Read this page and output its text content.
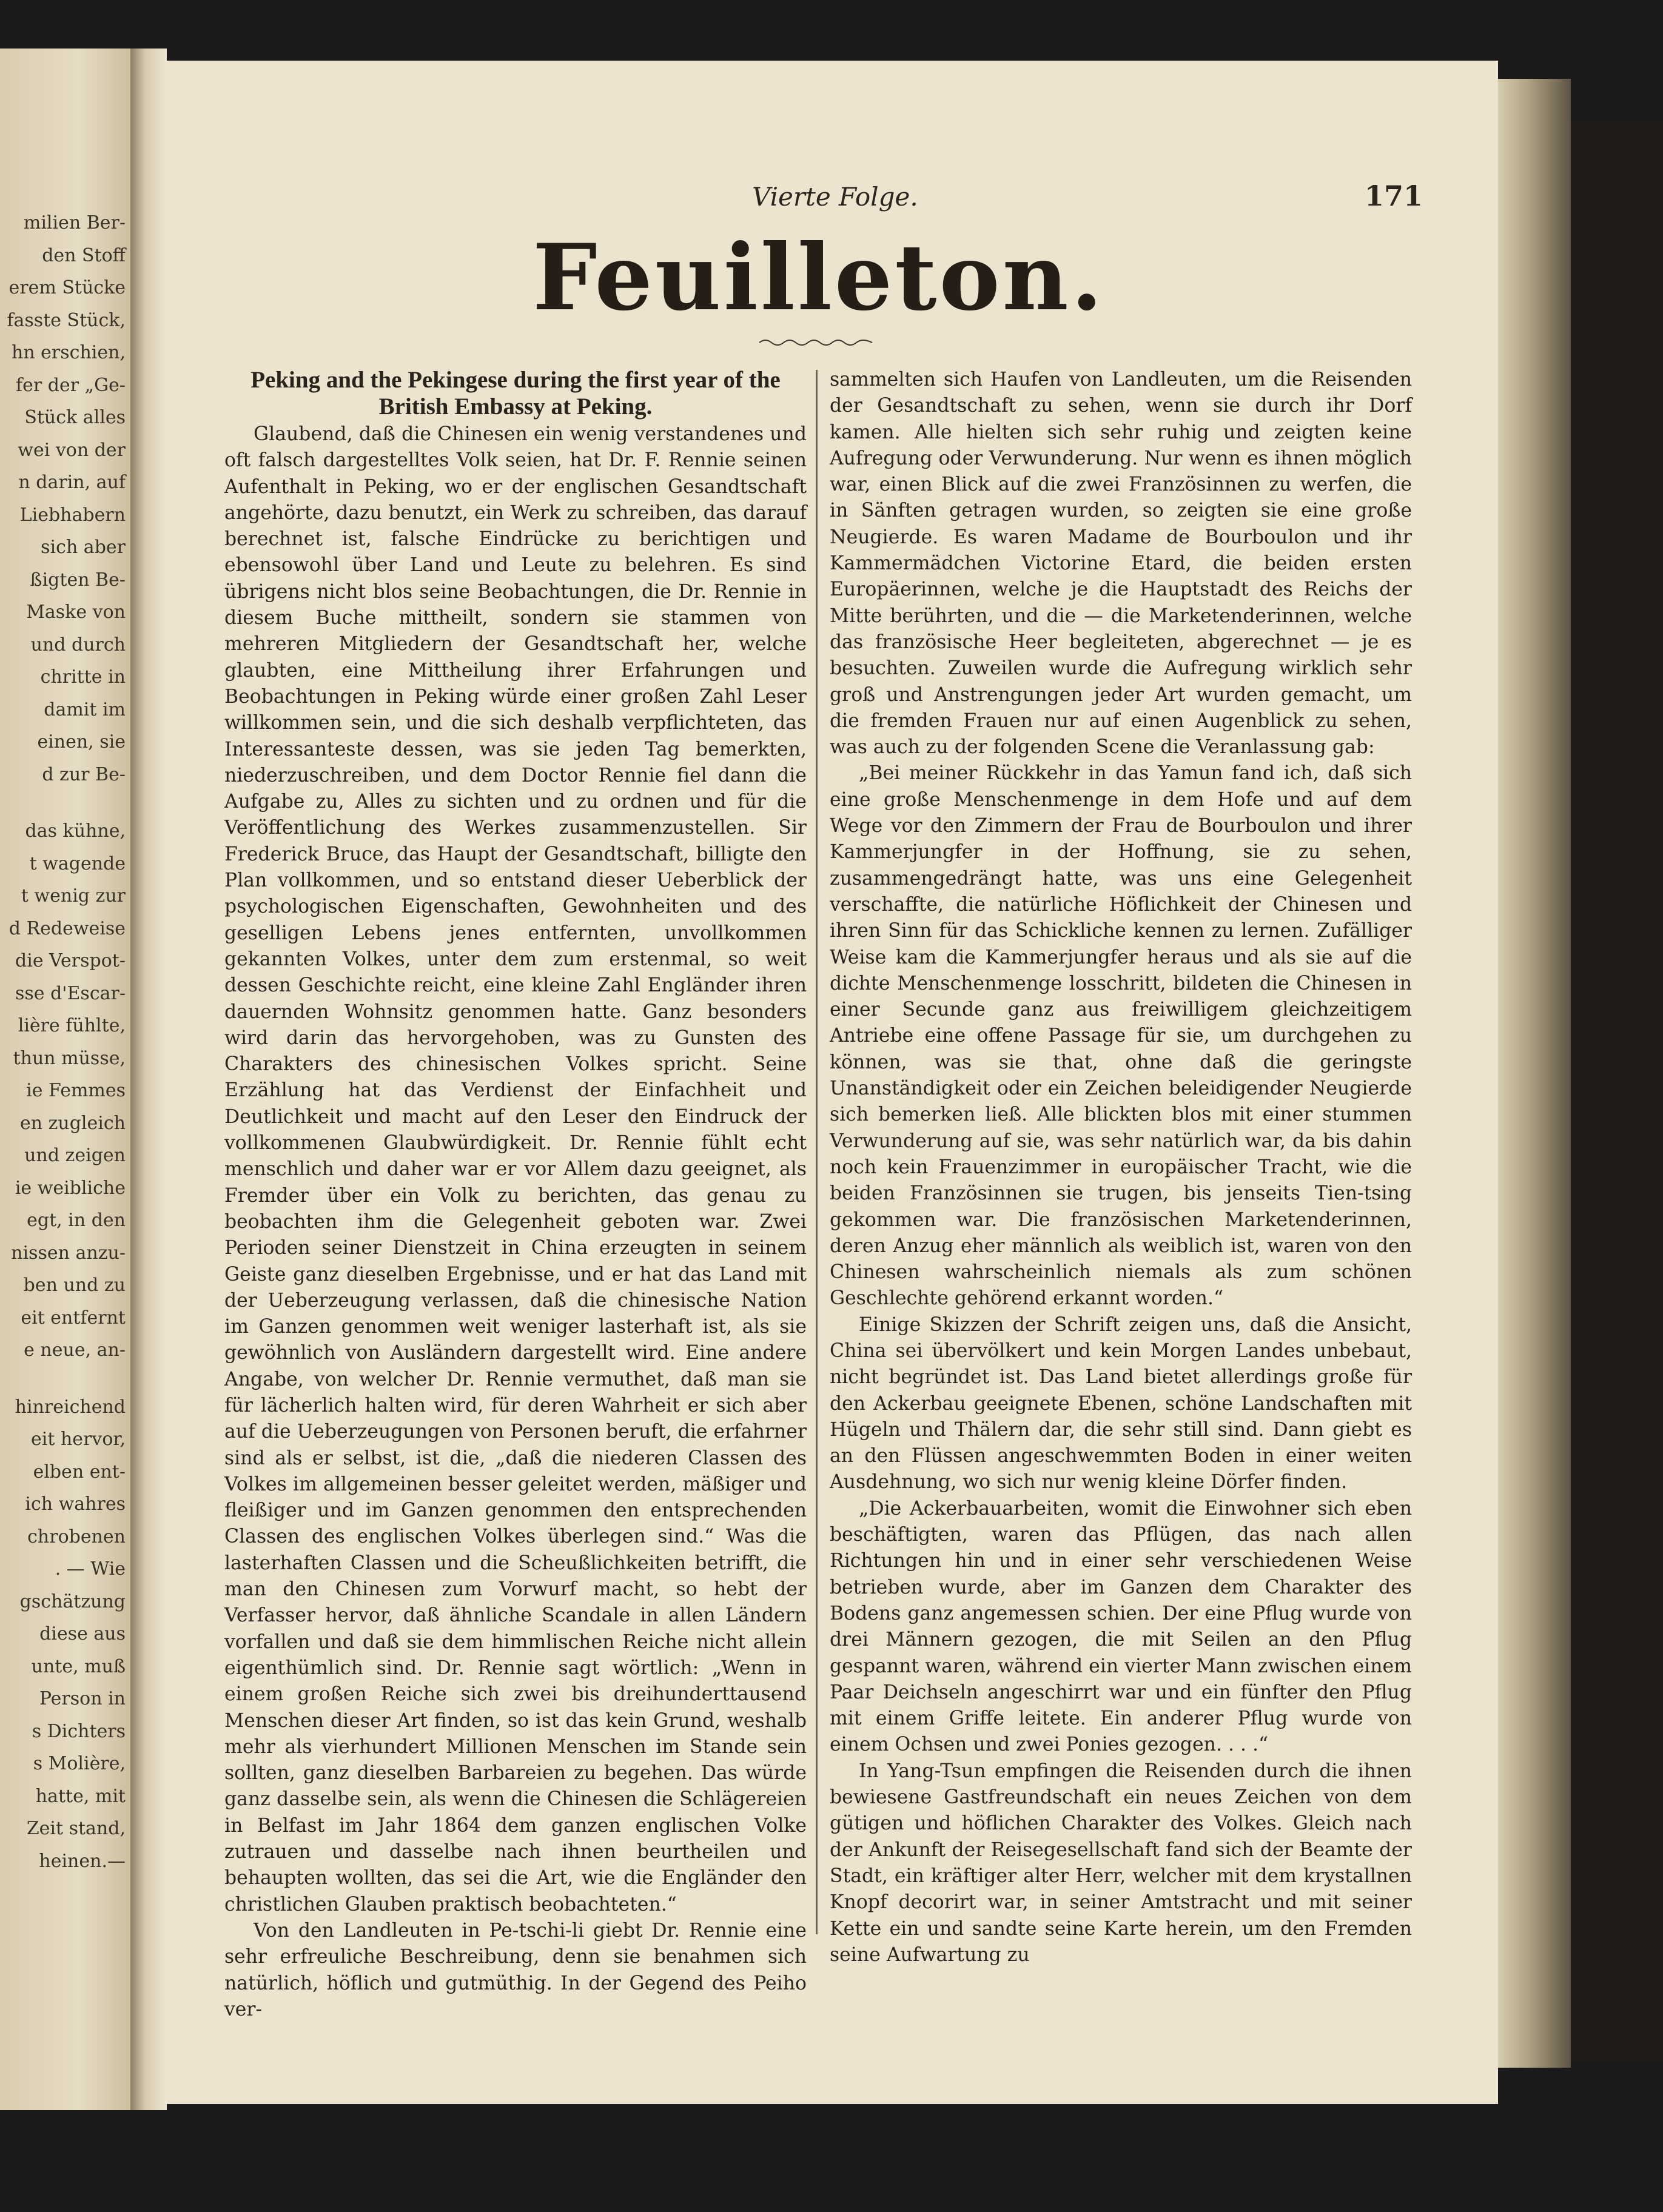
milien Ber-
den Stoff
erem Stücke
fasste Stück,
hn erschien,
fer der „Ge-
Stück alles
wei von der
n darin, auf
Liebhabern
sich aber
ßigten Be-
Maske von
und durch
chritte in
damit im
einen, sie
d zur Be-
das kühne,
t wagende
t wenig zur
d Redeweise
die Verspot-
sse d'Escar-
lière fühlte,
thun müsse,
ie Femmes
en zugleich
und zeigen
ie weibliche
egt, in den
nissen anzu-
ben und zu
eit entfernt
e neue, an-
hinreichend
eit hervor,
elben ent-
ich wahres
chrobenen
. — Wie
gschätzung
diese aus
unte, muß
Person in
s Dichters
s Molière,
hatte, mit
Zeit stand,
heinen.—
Vierte Folge.	171
Feuilleton.

Peking and the Pekingese during the first year of the British Embassy at Peking.

Glaubend, daß die Chinesen ein wenig verstandenes und oft falsch dargestelltes Volk seien, hat Dr. F. Rennie seinen Aufenthalt in Peking, wo er der englischen Gesandtschaft angehörte, dazu benutzt, ein Werk zu schreiben, das darauf berechnet ist, falsche Eindrücke zu berichtigen und ebensowohl über Land und Leute zu belehren. Es sind übrigens nicht blos seine Beobachtungen, die Dr. Rennie in diesem Buche mittheilt, sondern sie stammen von mehreren Mitgliedern der Gesandtschaft her, welche glaubten, eine Mittheilung ihrer Erfahrungen und Beobachtungen in Peking würde einer großen Zahl Leser willkommen sein, und die sich deshalb verpflichteten, das Interessanteste dessen, was sie jeden Tag bemerkten, niederzuschreiben, und dem Doctor Rennie fiel dann die Aufgabe zu, Alles zu sichten und zu ordnen und für die Veröffentlichung des Werkes zusammenzustellen. Sir Frederick Bruce, das Haupt der Gesandtschaft, billigte den Plan vollkommen, und so entstand dieser Ueberblick der psychologischen Eigenschaften, Gewohnheiten und des geselligen Lebens jenes entfernten, unvollkommen gekannten Volkes, unter dem zum erstenmal, so weit dessen Geschichte reicht, eine kleine Zahl Engländer ihren dauernden Wohnsitz genommen hatte. Ganz besonders wird darin das hervorgehoben, was zu Gunsten des Charakters des chinesischen Volkes spricht. Seine Erzählung hat das Verdienst der Einfachheit und Deutlichkeit und macht auf den Leser den Eindruck der vollkommenen Glaubwürdigkeit. Dr. Rennie fühlt echt menschlich und daher war er vor Allem dazu geeignet, als Fremder über ein Volk zu berichten, das genau zu beobachten ihm die Gelegenheit geboten war. Zwei Perioden seiner Dienstzeit in China erzeugten in seinem Geiste ganz dieselben Ergebnisse, und er hat das Land mit der Ueberzeugung verlassen, daß die chinesische Nation im Ganzen genommen weit weniger lasterhaft ist, als sie gewöhnlich von Ausländern dargestellt wird. Eine andere Angabe, von welcher Dr. Rennie vermuthet, daß man sie für lächerlich halten wird, für deren Wahrheit er sich aber auf die Ueberzeugungen von Personen beruft, die erfahrner sind als er selbst, ist die, „daß die niederen Classen des Volkes im allgemeinen besser geleitet werden, mäßiger und fleißiger und im Ganzen genommen den entsprechenden Classen des englischen Volkes überlegen sind.“ Was die lasterhaften Classen und die Scheußlichkeiten betrifft, die man den Chinesen zum Vorwurf macht, so hebt der Verfasser hervor, daß ähnliche Scandale in allen Ländern vorfallen und daß sie dem himmlischen Reiche nicht allein eigenthümlich sind. Dr. Rennie sagt wörtlich: „Wenn in einem großen Reiche sich zwei bis dreihunderttausend Menschen dieser Art finden, so ist das kein Grund, weshalb mehr als vierhundert Millionen Menschen im Stande sein sollten, ganz dieselben Barbareien zu begehen. Das würde ganz dasselbe sein, als wenn die Chinesen die Schlägereien in Belfast im Jahr 1864 dem ganzen englischen Volke zutrauen und dasselbe nach ihnen beurtheilen und behaupten wollten, das sei die Art, wie die Engländer den christlichen Glauben praktisch beobachteten.“

Von den Landleuten in Pe-tschi-li giebt Dr. Rennie eine sehr erfreuliche Beschreibung, denn sie benahmen sich natürlich, höflich und gutmüthig. In der Gegend des Peiho ver-

sammelten sich Haufen von Landleuten, um die Reisenden der Gesandtschaft zu sehen, wenn sie durch ihr Dorf kamen. Alle hielten sich sehr ruhig und zeigten keine Aufregung oder Verwunderung. Nur wenn es ihnen möglich war, einen Blick auf die zwei Französinnen zu werfen, die in Sänften getragen wurden, so zeigten sie eine große Neugierde. Es waren Madame de Bourboulon und ihr Kammermädchen Victorine Etard, die beiden ersten Europäerinnen, welche je die Hauptstadt des Reichs der Mitte berührten, und die — die Marketenderinnen, welche das französische Heer begleiteten, abgerechnet — je es besuchten. Zuweilen wurde die Aufregung wirklich sehr groß und Anstrengungen jeder Art wurden gemacht, um die fremden Frauen nur auf einen Augenblick zu sehen, was auch zu der folgenden Scene die Veranlassung gab:

„Bei meiner Rückkehr in das Yamun fand ich, daß sich eine große Menschenmenge in dem Hofe und auf dem Wege vor den Zimmern der Frau de Bourboulon und ihrer Kammerjungfer in der Hoffnung, sie zu sehen, zusammengedrängt hatte, was uns eine Gelegenheit verschaffte, die natürliche Höflichkeit der Chinesen und ihren Sinn für das Schickliche kennen zu lernen. Zufälliger Weise kam die Kammerjungfer heraus und als sie auf die dichte Menschenmenge losschritt, bildeten die Chinesen in einer Secunde ganz aus freiwilligem gleichzeitigem Antriebe eine offene Passage für sie, um durchgehen zu können, was sie that, ohne daß die geringste Unanständigkeit oder ein Zeichen beleidigender Neugierde sich bemerken ließ. Alle blickten blos mit einer stummen Verwunderung auf sie, was sehr natürlich war, da bis dahin noch kein Frauenzimmer in europäischer Tracht, wie die beiden Französinnen sie trugen, bis jenseits Tien-tsing gekommen war. Die französischen Marketenderinnen, deren Anzug eher männlich als weiblich ist, waren von den Chinesen wahrscheinlich niemals als zum schönen Geschlechte gehörend erkannt worden.“

Einige Skizzen der Schrift zeigen uns, daß die Ansicht, China sei übervölkert und kein Morgen Landes unbebaut, nicht begründet ist. Das Land bietet allerdings große für den Ackerbau geeignete Ebenen, schöne Landschaften mit Hügeln und Thälern dar, die sehr still sind. Dann giebt es an den Flüssen angeschwemmten Boden in einer weiten Ausdehnung, wo sich nur wenig kleine Dörfer finden.

„Die Ackerbauarbeiten, womit die Einwohner sich eben beschäftigten, waren das Pflügen, das nach allen Richtungen hin und in einer sehr verschiedenen Weise betrieben wurde, aber im Ganzen dem Charakter des Bodens ganz angemessen schien. Der eine Pflug wurde von drei Männern gezogen, die mit Seilen an den Pflug gespannt waren, während ein vierter Mann zwischen einem Paar Deichseln angeschirrt war und ein fünfter den Pflug mit einem Griffe leitete. Ein anderer Pflug wurde von einem Ochsen und zwei Ponies gezogen. . . .“

In Yang-Tsun empfingen die Reisenden durch die ihnen bewiesene Gastfreundschaft ein neues Zeichen von dem gütigen und höflichen Charakter des Volkes. Gleich nach der Ankunft der Reisegesellschaft fand sich der Beamte der Stadt, ein kräftiger alter Herr, welcher mit dem krystallnen Knopf decorirt war, in seiner Amtstracht und mit seiner Kette ein und sandte seine Karte herein, um den Fremden seine Aufwartung zu
